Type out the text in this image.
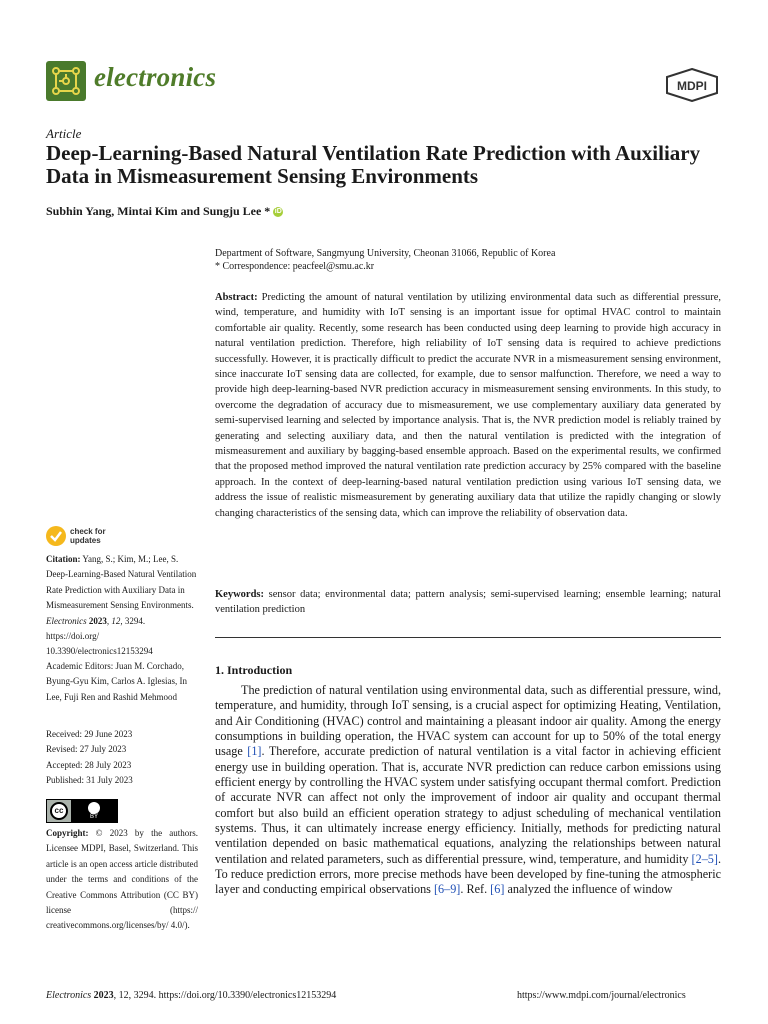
electronics	MDPI
Article
Deep-Learning-Based Natural Ventilation Rate Prediction with Auxiliary Data in Mismeasurement Sensing Environments
Subhin Yang, Mintai Kim and Sungju Lee * iD
Department of Software, Sangmyung University, Cheonan 31066, Republic of Korea
* Correspondence: peacfeel@smu.ac.kr
Abstract: Predicting the amount of natural ventilation by utilizing environmental data such as differential pressure, wind, temperature, and humidity with IoT sensing is an important issue for optimal HVAC control to maintain comfortable air quality. Recently, some research has been conducted using deep learning to provide high accuracy in natural ventilation prediction. Therefore, high reliability of IoT sensing data is required to achieve predictions successfully. However, it is practically difficult to predict the accurate NVR in a mismeasurement sensing environment, since inaccurate IoT sensing data are collected, for example, due to sensor malfunction. Therefore, we need a way to provide high deep-learning-based NVR prediction accuracy in mismeasurement sensing environments. In this study, to overcome the degradation of accuracy due to mismeasurement, we use complementary auxiliary data generated by semi-supervised learning and selected by importance analysis. That is, the NVR prediction model is reliably trained by generating and selecting auxiliary data, and then the natural ventilation is predicted with the integration of mismeasurement and auxiliary by bagging-based ensemble approach. Based on the experimental results, we confirmed that the proposed method improved the natural ventilation rate prediction accuracy by 25% compared with the baseline approach. In the context of deep-learning-based natural ventilation prediction using various IoT sensing data, we address the issue of realistic mismeasurement by generating auxiliary data that utilize the rapidly changing or slowly changing characteristics of the sensing data, which can improve the reliability of observation data.
Keywords: sensor data; environmental data; pattern analysis; semi-supervised learning; ensemble learning; natural ventilation prediction
1. Introduction
The prediction of natural ventilation using environmental data, such as differential pressure, wind, temperature, and humidity, through IoT sensing, is a crucial aspect for optimizing Heating, Ventilation, and Air Conditioning (HVAC) control and maintaining a pleasant indoor air quality. Among the energy consumptions in building operation, the HVAC system can account for up to 50% of the total energy usage [1]. Therefore, accurate prediction of natural ventilation is a vital factor in achieving efficient energy use in building operation. That is, accurate NVR prediction can reduce carbon emissions using efficient energy by controlling the HVAC system under satisfying occupant thermal comfort. Prediction of accurate NVR can affect not only the improvement of indoor air quality and occupant thermal comfort but also build an efficient operation strategy to adjust scheduling of mechanical ventilation systems. Thus, it can ultimately increase energy efficiency. Initially, methods for predicting natural ventilation depended on basic mathematical equations, analyzing the relationships between natural ventilation and related parameters, such as differential pressure, wind, temperature, and humidity [2–5]. To reduce prediction errors, more precise methods have been developed by fine-tuning the atmospheric layer and conducting empirical observations [6–9]. Ref. [6] analyzed the influence of window
check for
updates
Citation: Yang, S.; Kim, M.; Lee, S. Deep-Learning-Based Natural Ventilation Rate Prediction with Auxiliary Data in Mismeasurement Sensing Environments. Electronics 2023, 12, 3294. https://doi.org/ 10.3390/electronics12153294
Academic Editors: Juan M. Corchado, Byung-Gyu Kim, Carlos A. Iglesias, In Lee, Fuji Ren and Rashid Mehmood
Received: 29 June 2023
Revised: 27 July 2023
Accepted: 28 July 2023
Published: 31 July 2023
cc
BY
Copyright: © 2023 by the authors. Licensee MDPI, Basel, Switzerland. This article is an open access article distributed under the terms and conditions of the Creative Commons Attribution (CC BY) license (https:// creativecommons.org/licenses/by/ 4.0/).
Electronics 2023, 12, 3294. https://doi.org/10.3390/electronics12153294	https://www.mdpi.com/journal/electronics
